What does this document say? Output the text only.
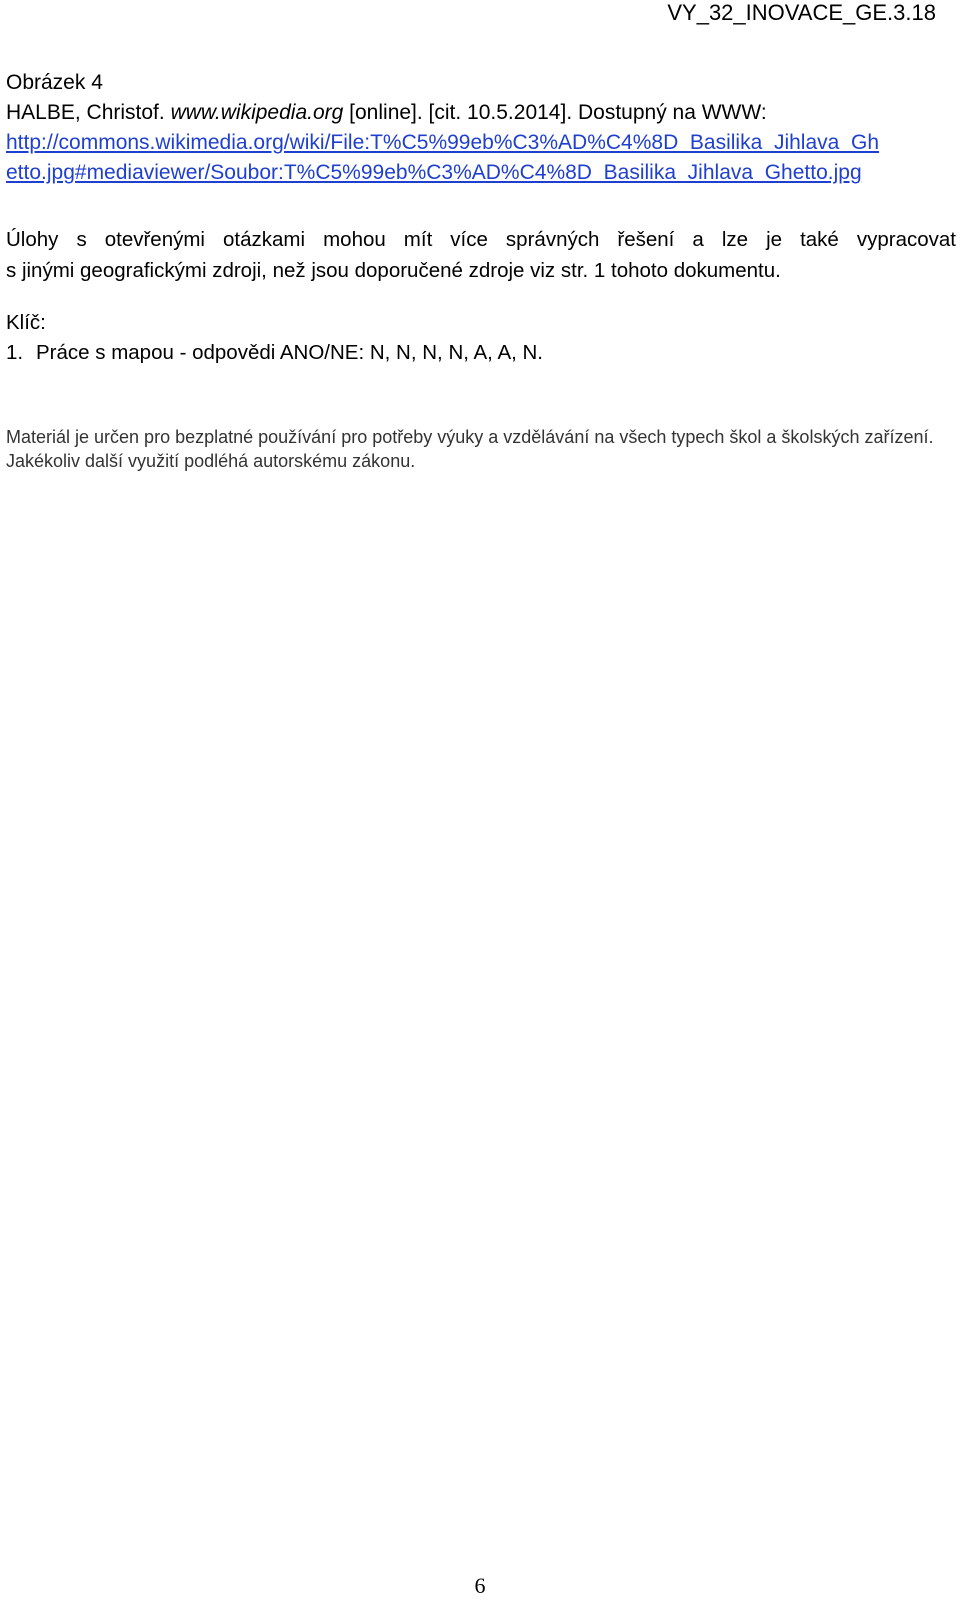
VY_32_INOVACE_GE.3.18
Obrázek 4
HALBE, Christof. www.wikipedia.org [online]. [cit. 10.5.2014]. Dostupný na WWW:
http://commons.wikimedia.org/wiki/File:T%C5%99eb%C3%AD%C4%8D_Basilika_Jihlava_Gh
etto.jpg#mediaviewer/Soubor:T%C5%99eb%C3%AD%C4%8D_Basilika_Jihlava_Ghetto.jpg
Úlohy s otevřenými otázkami mohou mít více správných řešení a lze je také vypracovat
s jinými geografickými zdroji, než jsou doporučené zdroje viz str. 1 tohoto dokumentu.
Klíč:
1. Práce s mapou - odpovědi ANO/NE: N, N, N, N, A, A, N.
Materiál je určen pro bezplatné používání pro potřeby výuky a vzdělávání na všech typech škol a školských zařízení. Jakékoliv další využití podléhá autorskému zákonu.
6
